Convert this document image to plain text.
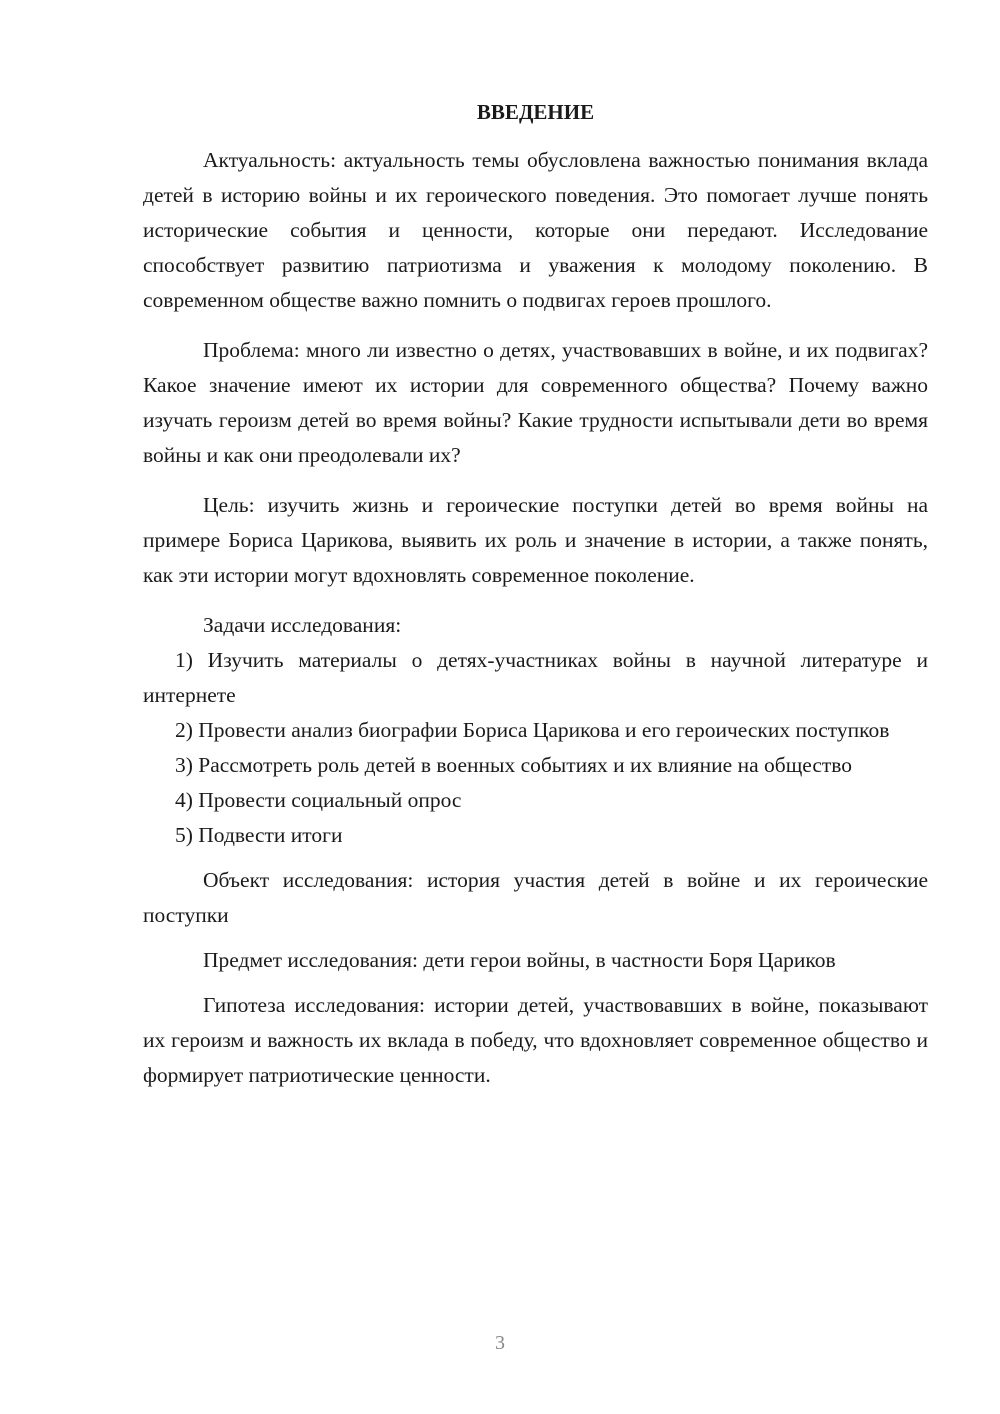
ВВЕДЕНИЕ

Актуальность: актуальность темы обусловлена важностью понимания вклада детей в историю войны и их героического поведения. Это помогает лучше понять исторические события и ценности, которые они передают. Исследование способствует развитию патриотизма и уважения к молодому поколению. В современном обществе важно помнить о подвигах героев прошлого.

Проблема: много ли известно о детях, участвовавших в войне, и их подвигах? Какое значение имеют их истории для современного общества? Почему важно изучать героизм детей во время войны? Какие трудности испытывали дети во время войны и как они преодолевали их?

Цель: изучить жизнь и героические поступки детей во время войны на примере Бориса Царикова, выявить их роль и значение в истории, а также понять, как эти истории могут вдохновлять современное поколение.

Задачи исследования:

1) Изучить материалы о детях-участниках войны в научной литературе и интернете

2) Провести анализ биографии Бориса Царикова и его героических поступков

3) Рассмотреть роль детей в военных событиях и их влияние на общество

4) Провести социальный опрос

5) Подвести итоги

Объект исследования: история участия детей в войне и их героические поступки

Предмет исследования: дети герои войны, в частности Боря Цариков

Гипотеза исследования: истории детей, участвовавших в войне, показывают их героизм и важность их вклада в победу, что вдохновляет современное общество и формирует патриотические ценности.

3
